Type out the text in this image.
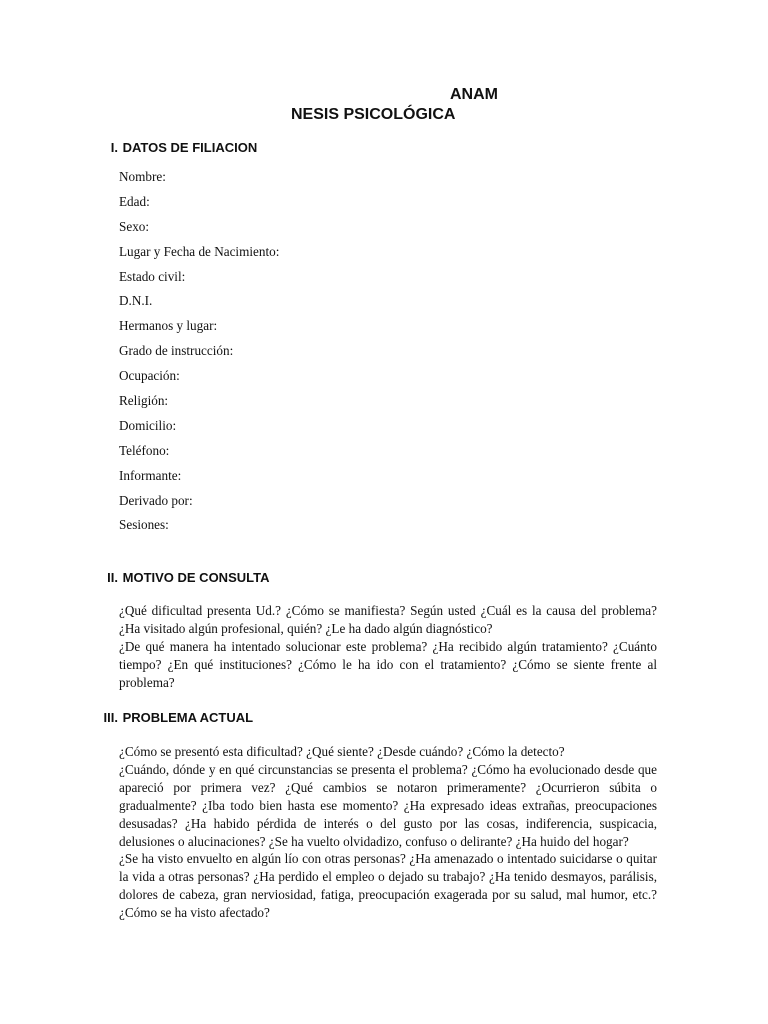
ANAM
NESIS PSICOLÓGICA
I. DATOS DE FILIACION
Nombre:
Edad:
Sexo:
Lugar y Fecha de Nacimiento:
Estado civil:
D.N.I.
Hermanos y lugar:
Grado de instrucción:
Ocupación:
Religión:
Domicilio:
Teléfono:
Informante:
Derivado por:
Sesiones:
II. MOTIVO DE CONSULTA

¿Qué dificultad presenta Ud.? ¿Cómo se manifiesta? Según usted ¿Cuál es la causa del problema? ¿Ha visitado algún profesional, quién? ¿Le ha dado algún diagnóstico?

¿De qué manera ha intentado solucionar este problema? ¿Ha recibido algún tratamiento? ¿Cuánto tiempo? ¿En qué instituciones? ¿Cómo le ha ido con el tratamiento? ¿Cómo se siente frente al problema?

III. PROBLEMA ACTUAL

¿Cómo se presentó esta dificultad? ¿Qué siente? ¿Desde cuándo? ¿Cómo la detecto?

¿Cuándo, dónde y en qué circunstancias se presenta el problema? ¿Cómo ha evolucionado desde que apareció por primera vez? ¿Qué cambios se notaron primeramente? ¿Ocurrieron súbita o gradualmente? ¿Iba todo bien hasta ese momento? ¿Ha expresado ideas extrañas, preocupaciones desusadas? ¿Ha habido pérdida de interés o del gusto por las cosas, indiferencia, suspicacia, delusiones o alucinaciones? ¿Se ha vuelto olvidadizo, confuso o delirante? ¿Ha huido del hogar?

¿Se ha visto envuelto en algún lío con otras personas? ¿Ha amenazado o intentado suicidarse o quitar la vida a otras personas? ¿Ha perdido el empleo o dejado su trabajo? ¿Ha tenido desmayos, parálisis, dolores de cabeza, gran nerviosidad, fatiga, preocupación exagerada por su salud, mal humor, etc.? ¿Cómo se ha visto afectado?
